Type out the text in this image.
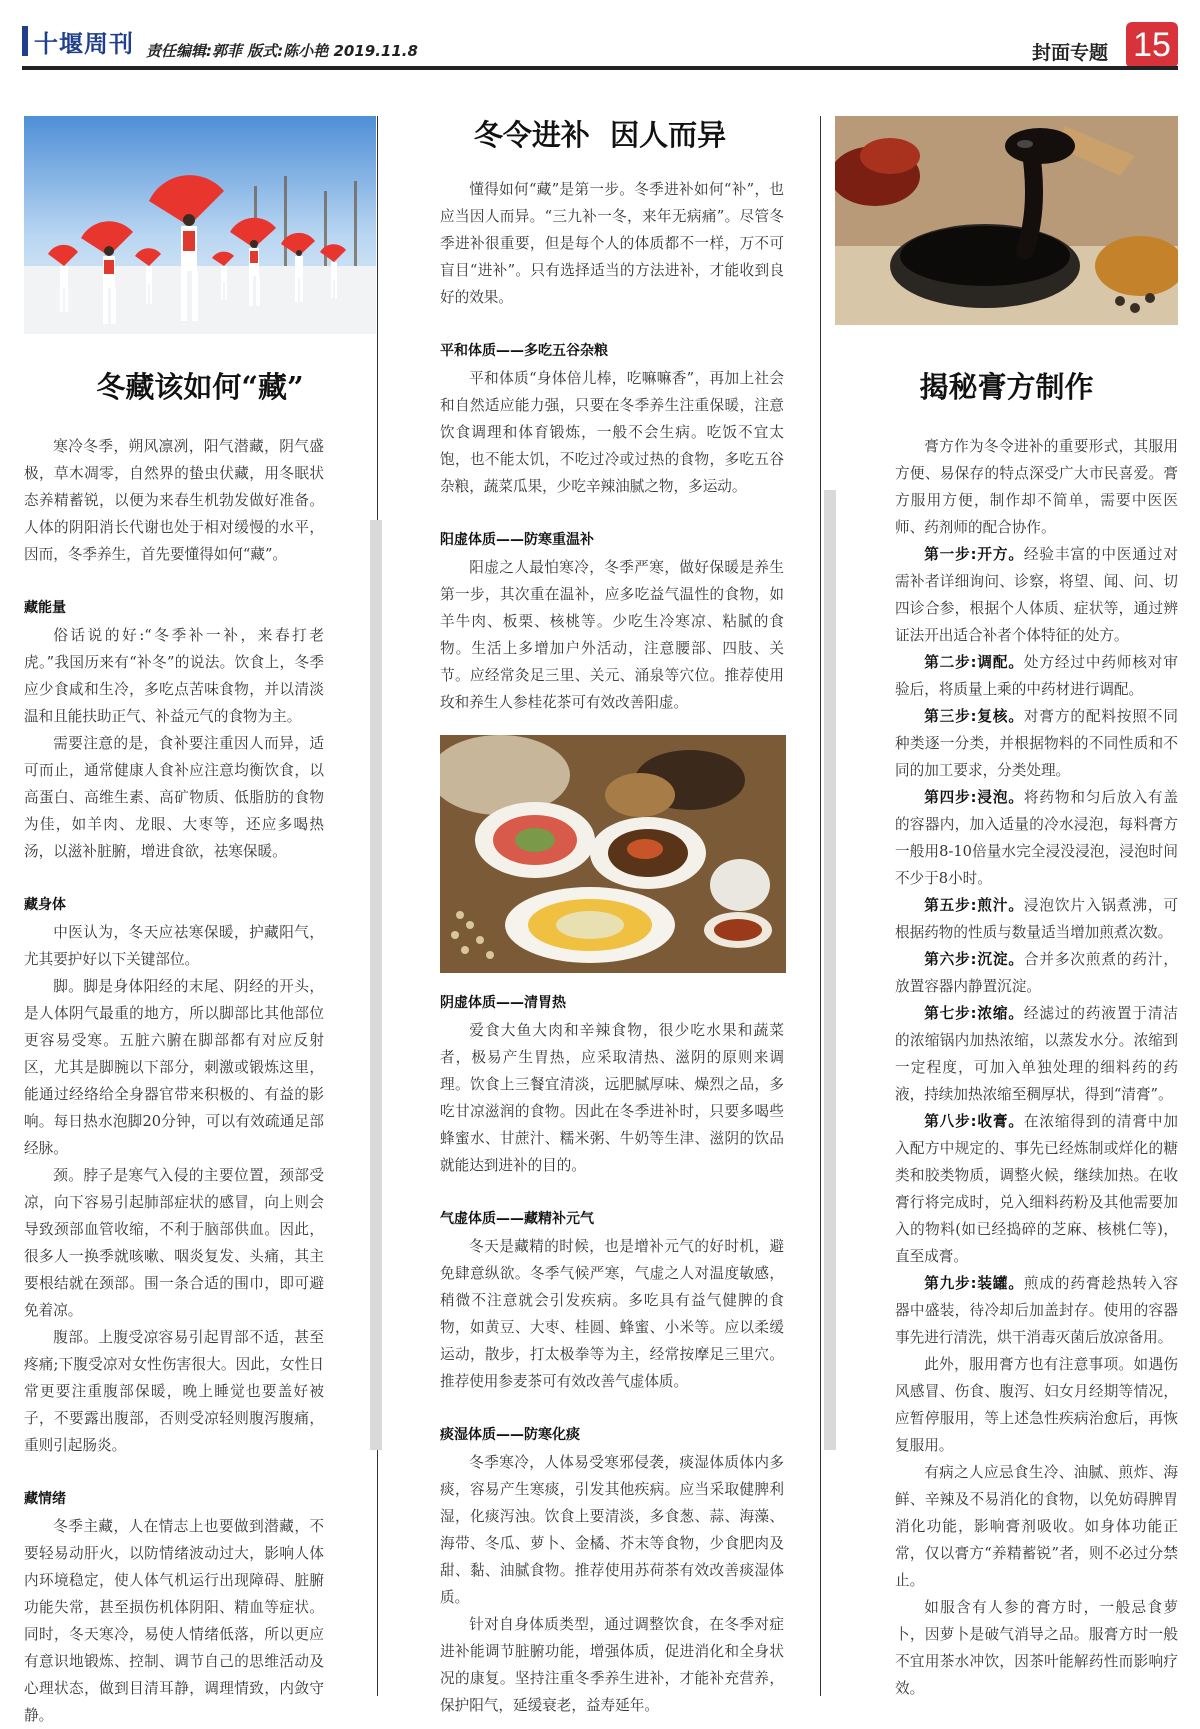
十堰周刊 责任编辑:郭菲 版式:陈小艳 2019.11.8	封面专题 15
冬藏该如何“藏”

寒冷冬季，朔风凛冽，阳气潜藏，阴气盛极，草木凋零，自然界的蛰虫伏藏，用冬眠状态养精蓄锐，以便为来春生机勃发做好准备。人体的阴阳消长代谢也处于相对缓慢的水平，因而，冬季养生，首先要懂得如何“藏”。

藏能量

俗话说的好:“冬季补一补，来春打老虎。”我国历来有“补冬”的说法。饮食上，冬季应少食咸和生冷，多吃点苦味食物，并以清淡温和且能扶助正气、补益元气的食物为主。

需要注意的是，食补要注重因人而异，适可而止，通常健康人食补应注意均衡饮食，以高蛋白、高维生素、高矿物质、低脂肪的食物为佳，如羊肉、龙眼、大枣等，还应多喝热汤，以滋补脏腑，增进食欲，祛寒保暖。

藏身体

中医认为，冬天应祛寒保暖，护藏阳气，尤其要护好以下关键部位。

脚。脚是身体阳经的末尾、阴经的开头，是人体阴气最重的地方，所以脚部比其他部位更容易受寒。五脏六腑在脚部都有对应反射区，尤其是脚腕以下部分，刺激或锻炼这里，能通过经络给全身器官带来积极的、有益的影响。每日热水泡脚20分钟，可以有效疏通足部经脉。

颈。脖子是寒气入侵的主要位置，颈部受凉，向下容易引起肺部症状的感冒，向上则会导致颈部血管收缩，不利于脑部供血。因此，很多人一换季就咳嗽、咽炎复发、头痛，其主要根结就在颈部。围一条合适的围巾，即可避免着凉。

腹部。上腹受凉容易引起胃部不适，甚至疼痛;下腹受凉对女性伤害很大。因此，女性日常更要注重腹部保暖，晚上睡觉也要盖好被子，不要露出腹部，否则受凉轻则腹泻腹痛，重则引起肠炎。

藏情绪

冬季主藏，人在情志上也要做到潜藏，不要轻易动肝火，以防情绪波动过大，影响人体内环境稳定，使人体气机运行出现障碍、脏腑功能失常，甚至损伤机体阴阳、精血等症状。同时，冬天寒冷，易使人情绪低落，所以更应有意识地锻炼、控制、调节自己的思维活动及心理状态，做到目清耳静，调理情致，内敛守静。

冬令进补  因人而异

懂得如何“藏”是第一步。冬季进补如何“补”，也应当因人而异。“三九补一冬，来年无病痛”。尽管冬季进补很重要，但是每个人的体质都不一样，万不可盲目“进补”。只有选择适当的方法进补，才能收到良好的效果。

平和体质——多吃五谷杂粮

平和体质“身体倍儿棒，吃嘛嘛香”，再加上社会和自然适应能力强，只要在冬季养生注重保暖，注意饮食调理和体育锻炼，一般不会生病。吃饭不宜太饱，也不能太饥，不吃过冷或过热的食物，多吃五谷杂粮，蔬菜瓜果，少吃辛辣油腻之物，多运动。

阳虚体质——防寒重温补

阳虚之人最怕寒冷，冬季严寒，做好保暖是养生第一步，其次重在温补，应多吃益气温性的食物，如羊牛肉、板栗、核桃等。少吃生冷寒凉、粘腻的食物。生活上多增加户外活动，注意腰部、四肢、关节。应经常灸足三里、关元、涌泉等穴位。推荐使用玫和养生人参桂花茶可有效改善阳虚。

阴虚体质——清胃热

爱食大鱼大肉和辛辣食物，很少吃水果和蔬菜者，极易产生胃热，应采取清热、滋阴的原则来调理。饮食上三餐宜清淡，远肥腻厚味、燥烈之品，多吃甘凉滋润的食物。因此在冬季进补时，只要多喝些蜂蜜水、甘蔗汁、糯米粥、牛奶等生津、滋阴的饮品就能达到进补的目的。

气虚体质——藏精补元气

冬天是藏精的时候，也是增补元气的好时机，避免肆意纵欲。冬季气候严寒，气虚之人对温度敏感，稍微不注意就会引发疾病。多吃具有益气健脾的食物，如黄豆、大枣、桂圆、蜂蜜、小米等。应以柔缓运动，散步，打太极拳等为主，经常按摩足三里穴。推荐使用参麦茶可有效改善气虚体质。

痰湿体质——防寒化痰

冬季寒冷，人体易受寒邪侵袭，痰湿体质体内多痰，容易产生寒痰，引发其他疾病。应当采取健脾利湿，化痰泻浊。饮食上要清淡，多食葱、蒜、海藻、海带、冬瓜、萝卜、金橘、芥末等食物，少食肥肉及甜、黏、油腻食物。推荐使用苏荷茶有效改善痰湿体质。

针对自身体质类型，通过调整饮食，在冬季对症进补能调节脏腑功能，增强体质，促进消化和全身状况的康复。坚持注重冬季养生进补，才能补充营养，保护阳气，延缓衰老，益寿延年。

揭秘膏方制作

膏方作为冬令进补的重要形式，其服用方便、易保存的特点深受广大市民喜爱。膏方服用方便，制作却不简单，需要中医医师、药剂师的配合协作。

第一步:开方。经验丰富的中医通过对需补者详细询问、诊察，将望、闻、问、切四诊合参，根据个人体质、症状等，通过辨证法开出适合补者个体特征的处方。

第二步:调配。处方经过中药师核对审验后，将质量上乘的中药材进行调配。

第三步:复核。对膏方的配料按照不同种类逐一分类，并根据物料的不同性质和不同的加工要求，分类处理。

第四步:浸泡。将药物和匀后放入有盖的容器内，加入适量的冷水浸泡，每料膏方一般用8-10倍量水完全浸没浸泡，浸泡时间不少于8小时。

第五步:煎汁。浸泡饮片入锅煮沸，可根据药物的性质与数量适当增加煎煮次数。

第六步:沉淀。合并多次煎煮的药汁，放置容器内静置沉淀。

第七步:浓缩。经滤过的药液置于清洁的浓缩锅内加热浓缩，以蒸发水分。浓缩到一定程度，可加入单独处理的细料药的药液，持续加热浓缩至稠厚状，得到“清膏”。

第八步:收膏。在浓缩得到的清膏中加入配方中规定的、事先已经炼制或烊化的糖类和胶类物质，调整火候，继续加热。在收膏行将完成时，兑入细料药粉及其他需要加入的物料(如已经捣碎的芝麻、核桃仁等)，直至成膏。

第九步:装罐。煎成的药膏趁热转入容器中盛装，待冷却后加盖封存。使用的容器事先进行清洗，烘干消毒灭菌后放凉备用。

此外，服用膏方也有注意事项。如遇伤风感冒、伤食、腹泻、妇女月经期等情况，应暂停服用，等上述急性疾病治愈后，再恢复服用。

有病之人应忌食生冷、油腻、煎炸、海鲜、辛辣及不易消化的食物，以免妨碍脾胃消化功能，影响膏剂吸收。如身体功能正常，仅以膏方“养精蓄锐”者，则不必过分禁止。

如服含有人参的膏方时，一般忌食萝卜，因萝卜是破气消导之品。服膏方时一般不宜用茶水冲饮，因茶叶能解药性而影响疗效。
